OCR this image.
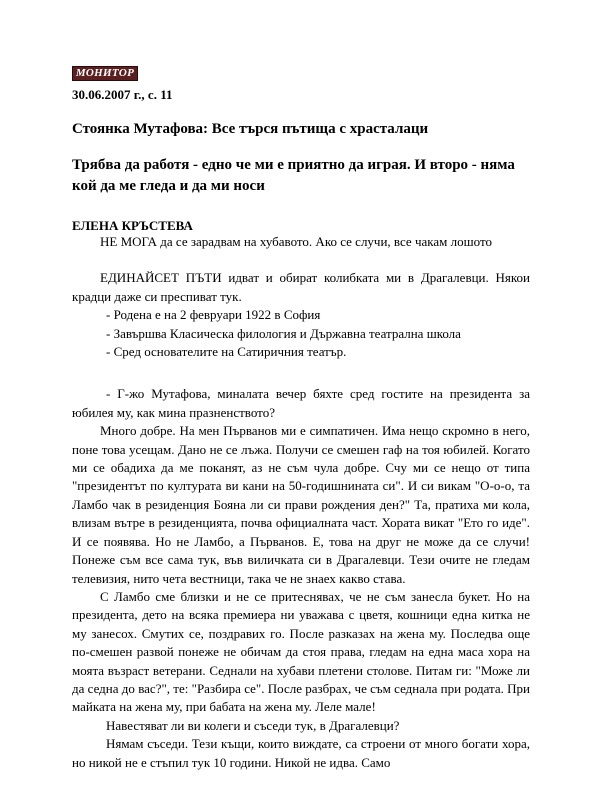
МОНИТОР
30.06.2007 г., с. 11
Стоянка Мутафова: Все търся пътища с храсталаци
Трябва да работя - едно че ми е приятно да играя. И второ - няма кой да ме гледа и да ми носи
ЕЛЕНА КРЪСТЕВА

НЕ МОГА да се зарадвам на хубавото. Ако се случи, все чакам лошото

ЕДИНАЙСЕТ ПЪТИ идват и обират колибката ми в Драгалевци. Някои крадци даже си преспиват тук.

- Родена е на 2 февруари 1922 в София

- Завършва Класическа филология и Държавна театрална школа

- Сред основателите на Сатиричния театър.

- Г-жо Мутафова, миналата вечер бяхте сред гостите на президента за юбилея му, как мина празненството?

Много добре. На мен Първанов ми е симпатичен. Има нещо скромно в него, поне това усещам. Дано не се лъжа. Получи се смешен гаф на тоя юбилей. Когато ми се обадиха да ме поканят, аз не съм чула добре. Счу ми се нещо от типа "президентът по културата ви кани на 50-годишнината си". И си викам "О-о-о, та Ламбо чак в резиденция Бояна ли си прави рождения ден?" Та, пратиха ми кола, влизам вътре в резиденцията, почва официалната част. Хората викат "Ето го иде". И се появява. Но не Ламбо, а Първанов. Е, това на друг не може да се случи! Понеже съм все сама тук, във виличката си в Драгалевци. Тези очите не гледам телевизия, нито чета вестници, така че не знаех какво става.

С Ламбо сме близки и не се притеснявах, че не съм занесла букет. Но на президента, дето на всяка премиера ни уважава с цветя, кошници една китка не му занесох. Смутих се, поздравих го. После разказах на жена му. Последва още по-смешен развой понеже не обичам да стоя права, гледам на една маса хора на моята възраст ветерани. Седнали на хубави плетени столове. Питам ги: "Може ли да седна до вас?", те: "Разбира се". После разбрах, че съм седнала при родата. При майката на жена му, при бабата на жена му. Леле мале!

Навестяват ли ви колеги и съседи тук, в Драгалевци?

Нямам съседи. Тези къщи, които виждате, са строени от много богати хора, но никой не е стъпил тук 10 години. Никой не идва. Само
